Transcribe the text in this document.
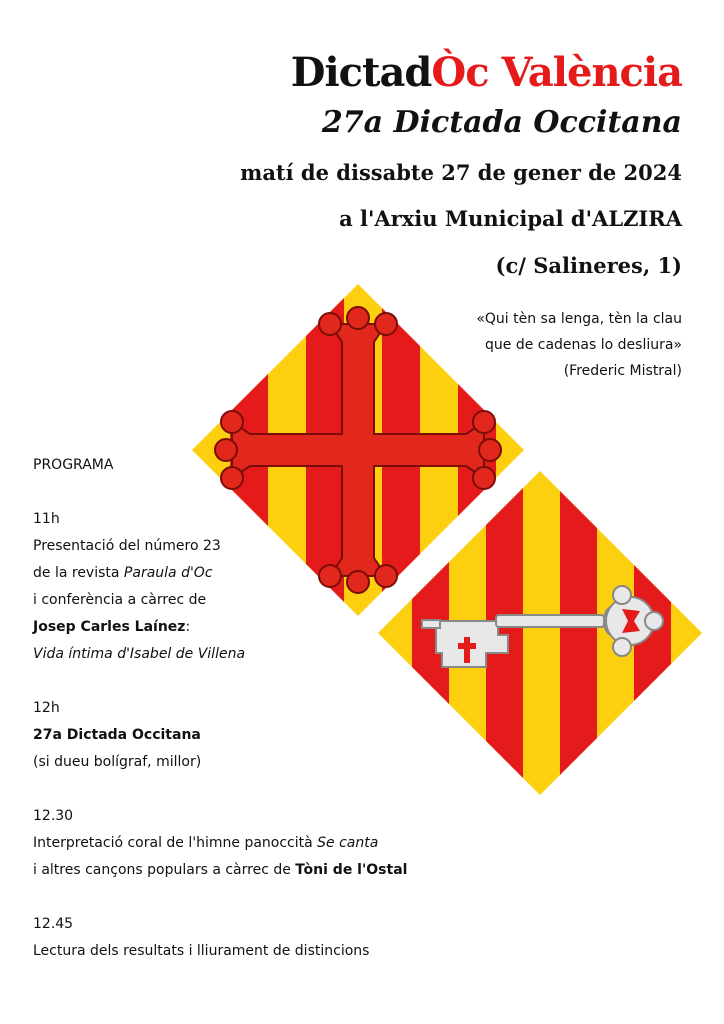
DictadÒc València
27a Dictada Occitana
matí de dissabte 27 de gener de 2024
a l'Arxiu Municipal d'ALZIRA
(c/ Salineres, 1)
«Qui tèn sa lenga, tèn la clau
que de cadenas lo desliura»
(Frederic Mistral)
PROGRAMA
11h
Presentació del número 23
de la revista Paraula d'Oc
i conferència a càrrec de
Josep Carles Laínez:
Vida íntima d'Isabel de Villena
12h
27a Dictada Occitana
(si dueu bolígraf, millor)
12.30
Interpretació coral de l'himne panoccità Se canta
i altres cançons populars a càrrec de Tòni de l'Ostal
12.45
Lectura dels resultats i lliurament de distincions
